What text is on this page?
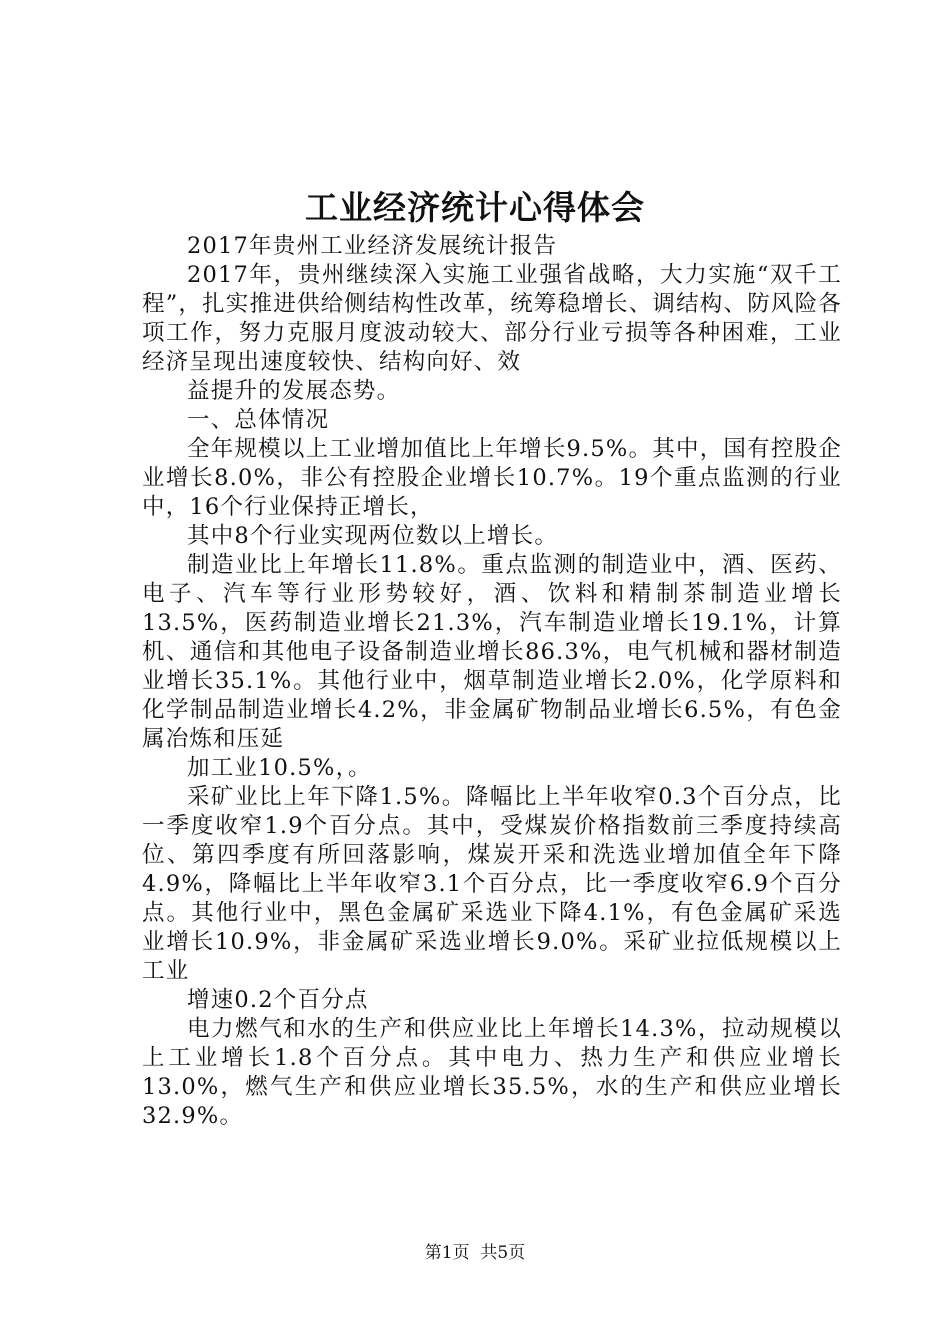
工业经济统计心得体会

2017年贵州工业经济发展统计报告

2017年，贵州继续深入实施工业强省战略，大力实施“双千工程”，扎实推进供给侧结构性改革，统筹稳增长、调结构、防风险各项工作，努力克服月度波动较大、部分行业亏损等各种困难，工业经济呈现出速度较快、结构向好、效

益提升的发展态势。

一、总体情况

全年规模以上工业增加值比上年增长9.5%。其中，国有控股企业增长8.0%，非公有控股企业增长10.7%。19个重点监测的行业中，16个行业保持正增长，

其中8个行业实现两位数以上增长。

制造业比上年增长11.8%。重点监测的制造业中，酒、医药、电子、汽车等行业形势较好，酒、饮料和精制茶制造业增长13.5%，医药制造业增长21.3%，汽车制造业增长19.1%，计算机、通信和其他电子设备制造业增长86.3%，电气机械和器材制造业增长35.1%。其他行业中，烟草制造业增长2.0%，化学原料和化学制品制造业增长4.2%，非金属矿物制品业增长6.5%，有色金属冶炼和压延

加工业10.5%，。

采矿业比上年下降1.5%。降幅比上半年收窄0.3个百分点，比一季度收窄1.9个百分点。其中，受煤炭价格指数前三季度持续高位、第四季度有所回落影响，煤炭开采和洗选业增加值全年下降4.9%，降幅比上半年收窄3.1个百分点，比一季度收窄6.9个百分点。其他行业中，黑色金属矿采选业下降4.1%，有色金属矿采选业增长10.9%，非金属矿采选业增长9.0%。采矿业拉低规模以上工业

增速0.2个百分点

电力燃气和水的生产和供应业比上年增长14.3%，拉动规模以上工业增长1.8个百分点。其中电力、热力生产和供应业增长13.0%，燃气生产和供应业增长35.5%，水的生产和供应业增长32.9%。

第1页 共5页
